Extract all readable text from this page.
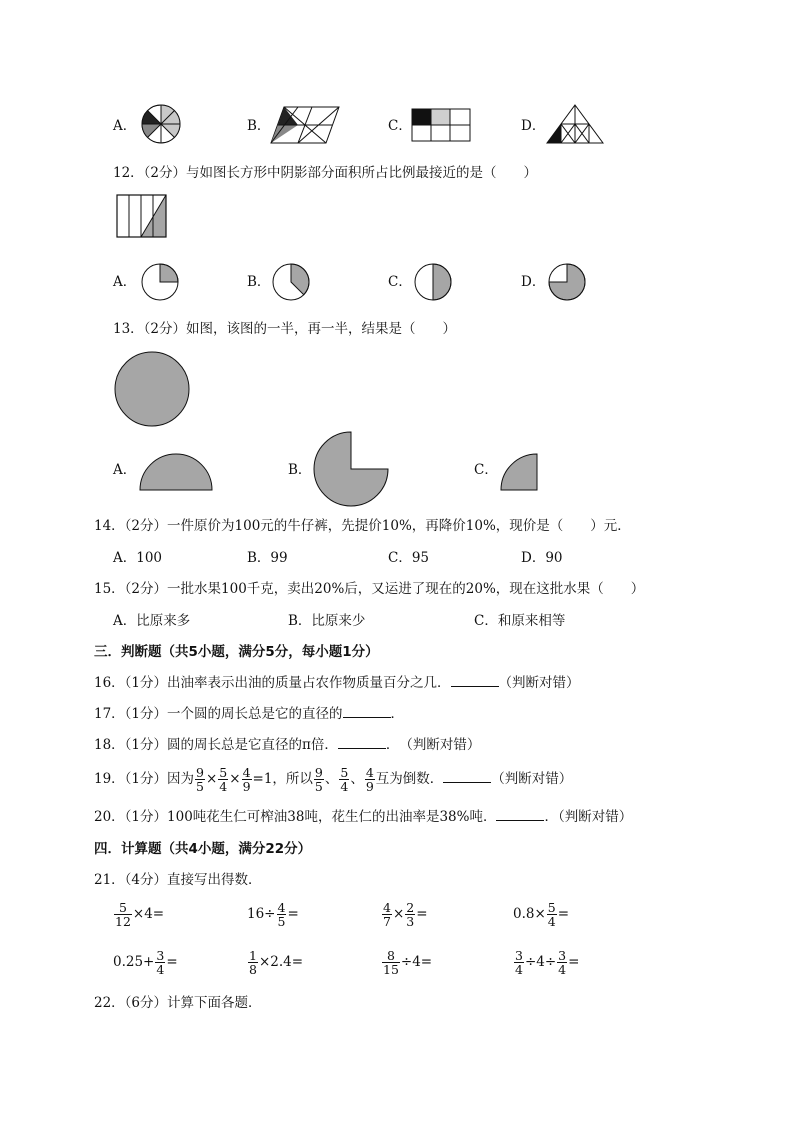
A．	B．	C．	D．
12．（2分）与如图长方形中阴影部分面积所占比例最接近的是（　　）
A．	B．	C．	D．
13．（2分）如图，该图的一半，再一半，结果是（　　）
A．	B．	C．
14．（2分）一件原价为100元的牛仔裤，先提价10%，再降价10%，现价是（　　）元．
A．100	B．99	C．95	D．90
15．（2分）一批水果100千克，卖出20%后，又运进了现在的20%，现在这批水果（　　）
A．比原来多	B．比原来少	C．和原来相等
三．判断题（共5小题，满分5分，每小题1分）
16．（1分）出油率表示出油的质量占农作物质量百分之几．	（判断对错）
17．（1分）一个圆的周长总是它的直径的	．
18．（1分）圆的周长总是它直径的π倍．	．　（判断对错）
19．（1分）因为 $\frac{9}{5} \times \frac{5}{4} \times \frac{4}{9} =1$，所以 $\frac{9}{5}$ 、 $\frac{5}{4}$ 、 $\frac{4}{9}$ 互为倒数．	（判断对错）
20．（1分）100吨花生仁可榨油38吨，花生仁的出油率是38%吨．	．（判断对错）
四．计算题（共4小题，满分22分）
21．（4分）直接写出得数．
$\frac{5}{12} \times 4=$	$16\div \frac{4}{5}$ =	$\frac{4}{7} \times \frac{2}{3}$ =	$0.8\times \frac{5}{4}$ =
$0.25+ \frac{3}{4}$ =	$\frac{1}{8} \times 2.4=$	$\frac{8}{15} \div 4=$	$\frac{3}{4} \div 4\div \frac{3}{4}$ =
22．（6分）计算下面各题．
